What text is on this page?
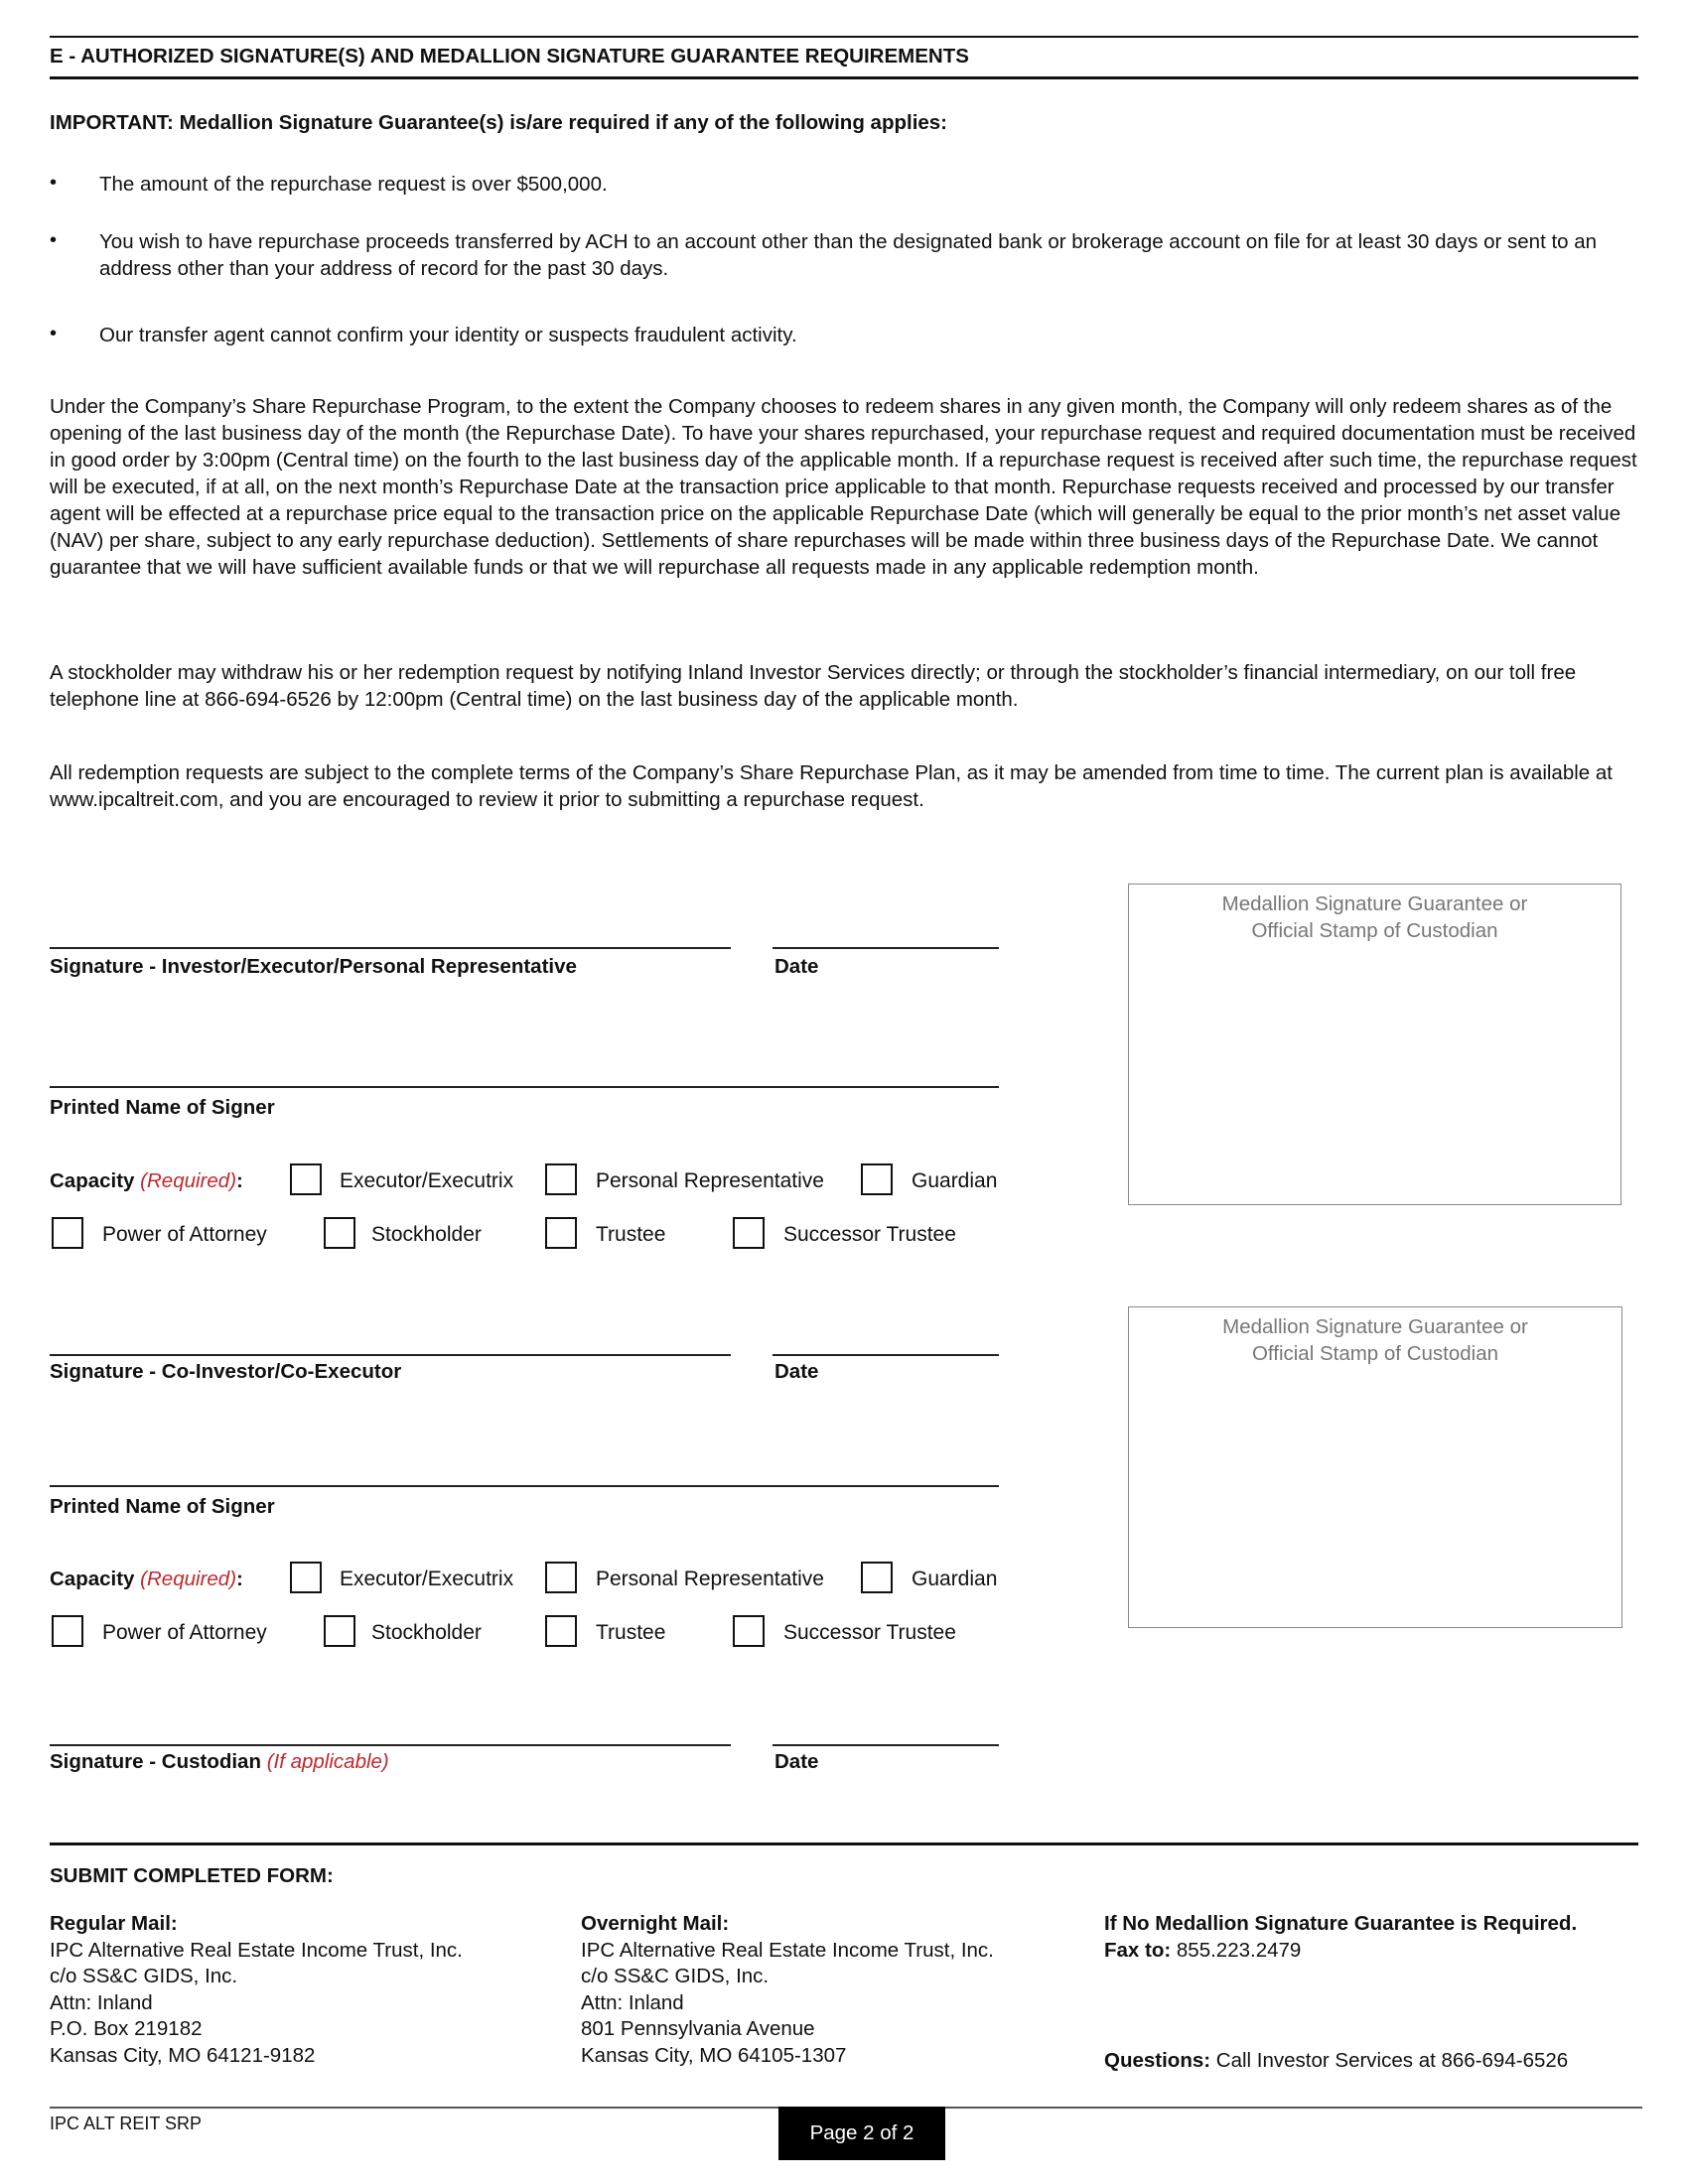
E - AUTHORIZED SIGNATURE(S) AND MEDALLION SIGNATURE GUARANTEE REQUIREMENTS
IMPORTANT: Medallion Signature Guarantee(s) is/are required if any of the following applies:
• The amount of the repurchase request is over $500,000.
• You wish to have repurchase proceeds transferred by ACH to an account other than the designated bank or brokerage account on file for at least 30 days or sent to an address other than your address of record for the past 30 days.
• Our transfer agent cannot confirm your identity or suspects fraudulent activity.
Under the Company’s Share Repurchase Program, to the extent the Company chooses to redeem shares in any given month, the Company will only redeem shares as of the opening of the last business day of the month (the Repurchase Date). To have your shares repurchased, your repurchase request and required documentation must be received in good order by 3:00pm (Central time) on the fourth to the last business day of the applicable month. If a repurchase request is received after such time, the repurchase request will be executed, if at all, on the next month’s Repurchase Date at the transaction price applicable to that month. Repurchase requests received and processed by our transfer agent will be effected at a repurchase price equal to the transaction price on the applicable Repurchase Date (which will generally be equal to the prior month’s net asset value (NAV) per share, subject to any early repurchase deduction). Settlements of share repurchases will be made within three business days of the Repurchase Date. We cannot guarantee that we will have sufficient available funds or that we will repurchase all requests made in any applicable redemption month.
A stockholder may withdraw his or her redemption request by notifying Inland Investor Services directly; or through the stockholder’s financial intermediary, on our toll free telephone line at 866-694-6526 by 12:00pm (Central time) on the last business day of the applicable month.
All redemption requests are subject to the complete terms of the Company’s Share Repurchase Plan, as it may be amended from time to time. The current plan is available at www.ipcaltreit.com, and you are encouraged to review it prior to submitting a repurchase request.
Signature - Investor/Executor/Personal Representative	Date
Printed Name of Signer
Capacity (Required):	Executor/Executrix	Personal Representative	Guardian
Power of Attorney	Stockholder	Trustee	Successor Trustee
Medallion Signature Guarantee or
Official Stamp of Custodian
Signature - Co-Investor/Co-Executor	Date
Printed Name of Signer
Capacity (Required):	Executor/Executrix	Personal Representative	Guardian
Power of Attorney	Stockholder	Trustee	Successor Trustee
Medallion Signature Guarantee or
Official Stamp of Custodian
Signature - Custodian (If applicable)	Date
SUBMIT COMPLETED FORM:
Regular Mail:
IPC Alternative Real Estate Income Trust, Inc.
c/o SS&C GIDS, Inc.
Attn: Inland
P.O. Box 219182
Kansas City, MO 64121-9182
Overnight Mail:
IPC Alternative Real Estate Income Trust, Inc.
c/o SS&C GIDS, Inc.
Attn: Inland
801 Pennsylvania Avenue
Kansas City, MO 64105-1307
If No Medallion Signature Guarantee is Required.
Fax to: 855.223.2479
Questions: Call Investor Services at 866-694-6526
IPC ALT REIT SRP	Page 2 of 2
